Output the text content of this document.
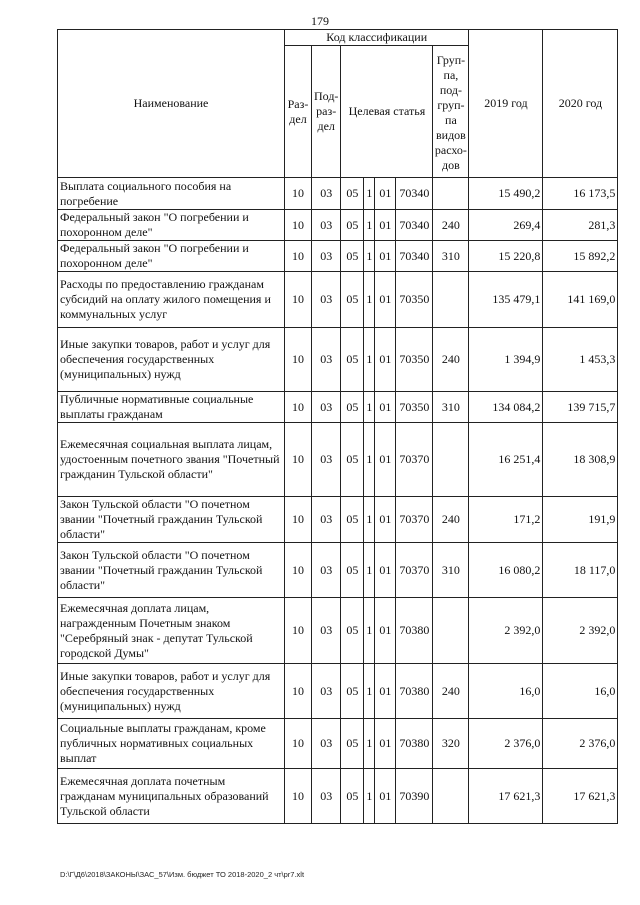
179
Наименование	Код классификации							2019 год	2020 год
	Раз-дел	Под-раз-дел	Целевая статья				Груп-па, под-груп-па видов расхо-дов		
Выплата социального пособия на погребение	10	03	05	1	01	70340		15 490,2	16 173,5
Федеральный закон "О погребении и похоронном деле"	10	03	05	1	01	70340	240	269,4	281,3
Федеральный закон "О погребении и похоронном деле"	10	03	05	1	01	70340	310	15 220,8	15 892,2
Расходы по предоставлению гражданам субсидий на оплату жилого помещения и коммунальных услуг	10	03	05	1	01	70350		135 479,1	141 169,0
Иные закупки товаров, работ и услуг для обеспечения государственных (муниципальных) нужд	10	03	05	1	01	70350	240	1 394,9	1 453,3
Публичные нормативные социальные выплаты гражданам	10	03	05	1	01	70350	310	134 084,2	139 715,7
Ежемесячная социальная выплата лицам, удостоенным почетного звания "Почетный гражданин Тульской области"	10	03	05	1	01	70370		16 251,4	18 308,9
Закон Тульской области "О почетном звании "Почетный гражданин Тульской области"	10	03	05	1	01	70370	240	171,2	191,9
Закон Тульской области "О почетном звании "Почетный гражданин Тульской области"	10	03	05	1	01	70370	310	16 080,2	18 117,0
Ежемесячная доплата лицам, награжденным Почетным знаком "Серебряный знак - депутат Тульской городской Думы"	10	03	05	1	01	70380		2 392,0	2 392,0
Иные закупки товаров, работ и услуг для обеспечения государственных (муниципальных) нужд	10	03	05	1	01	70380	240	16,0	16,0
Социальные выплаты гражданам, кроме публичных нормативных социальных выплат	10	03	05	1	01	70380	320	2 376,0	2 376,0
Ежемесячная доплата почетным гражданам муниципальных образований Тульской области	10	03	05	1	01	70390		17 621,3	17 621,3
D:\Г\Д6\2018\ЗАКОНЫ\ЗАС_57\Изм. бюджет ТО 2018-2020_2 чт\pr7.xlt
